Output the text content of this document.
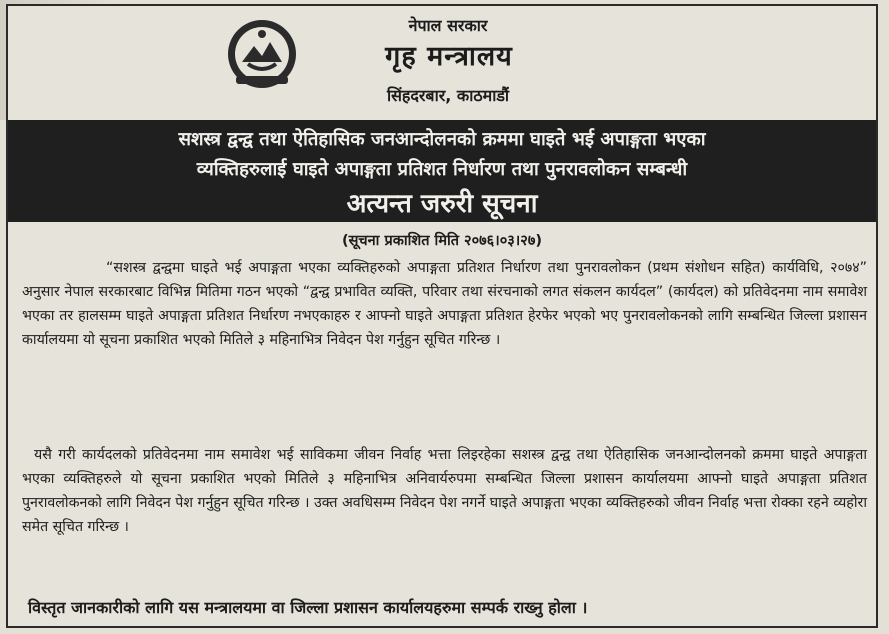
नेपाल सरकार
गृह मन्त्रालय
सिंहदरबार, काठमाडौं
सशस्त्र द्वन्द्व तथा ऐतिहासिक जनआन्दोलनको क्रममा घाइते भई अपाङ्गता भएका
व्यक्तिहरुलाई घाइते अपाङ्गता प्रतिशत निर्धारण तथा पुनरावलोकन सम्बन्धी
अत्यन्त जरुरी सूचना
(सूचना प्रकाशित मिति २०७६।०३।२७)
“सशस्त्र द्वन्द्वमा घाइते भई अपाङ्गता भएका व्यक्तिहरुको अपाङ्गता प्रतिशत निर्धारण तथा पुनरावलोकन (प्रथम संशोधन सहित) कार्यविधि, २०७४” अनुसार नेपाल सरकारबाट विभिन्न मितिमा गठन भएको “द्वन्द्व प्रभावित व्यक्ति, परिवार तथा संरचनाको लगत संकलन कार्यदल” (कार्यदल) को प्रतिवेदनमा नाम समावेश भएका तर हालसम्म घाइते अपाङ्गता प्रतिशत निर्धारण नभएकाहरु र आफ्नो घाइते अपाङ्गता प्रतिशत हेरफेर भएको भए पुनरावलोकनको लागि सम्बन्धित जिल्ला प्रशासन कार्यालयमा यो सूचना प्रकाशित भएको मितिले ३ महिनाभित्र निवेदन पेश गर्नुहुन सूचित गरिन्छ ।
यसै गरी कार्यदलको प्रतिवेदनमा नाम समावेश भई साविकमा जीवन निर्वाह भत्ता लिइरहेका सशस्त्र द्वन्द्व तथा ऐतिहासिक जनआन्दोलनको क्रममा घाइते अपाङ्गता भएका व्यक्तिहरुले यो सूचना प्रकाशित भएको मितिले ३ महिनाभित्र अनिवार्यरुपमा सम्बन्धित जिल्ला प्रशासन कार्यालयमा आफ्नो घाइते अपाङ्गता प्रतिशत पुनरावलोकनको लागि निवेदन पेश गर्नुहुन सूचित गरिन्छ । उक्त अवधिसम्म निवेदन पेश नगर्ने घाइते अपाङ्गता भएका व्यक्तिहरुको जीवन निर्वाह भत्ता रोक्का रहने व्यहोरा समेत सूचित गरिन्छ ।
विस्तृत जानकारीको लागि यस मन्त्रालयमा वा जिल्ला प्रशासन कार्यालयहरुमा सम्पर्क राख्नु होला ।
